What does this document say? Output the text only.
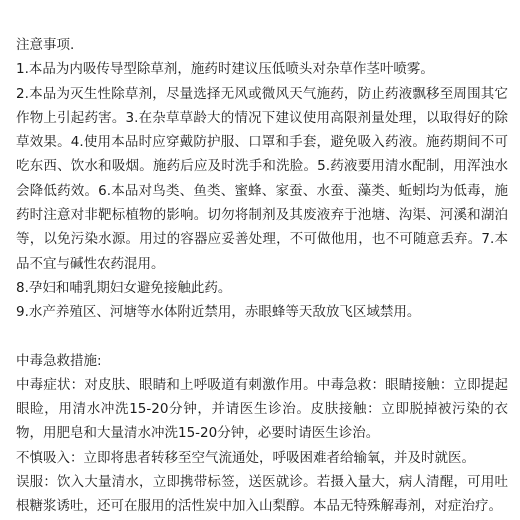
注意事项.

1.本品为内吸传导型除草剂，施药时建议压低喷头对杂草作茎叶喷雾。

2.本品为灭生性除草剂，尽量选择无风或微风天气施药，防止药液飘移至周围其它作物上引起药害。3.在杂草草龄大的情况下建议使用高限剂量处理，以取得好的除草效果。4.使用本品时应穿戴防护服、口罩和手套，避免吸入药液。施药期间不可吃东西、饮水和吸烟。施药后应及时洗手和洗脸。5.药液要用清水配制，用浑浊水会降低药效。6.本品对鸟类、鱼类、蜜蜂、家蚕、水蚕、藻类、蚯蚓均为低毒，施药时注意对非靶标植物的影响。切勿将制剂及其废液弃于池塘、沟渠、河溪和湖泊等，以免污染水源。用过的容器应妥善处理，不可做他用，也不可随意丢弃。7.本品不宜与碱性农药混用。

8.孕妇和哺乳期妇女避免接触此药。

9.水产养殖区、河塘等水体附近禁用，赤眼蜂等天敌放飞区域禁用。

中毒急救措施:

中毒症状：对皮肤、眼睛和上呼吸道有刺激作用。中毒急救：眼睛接触：立即提起眼睑，用清水冲洗15-20分钟，并请医生诊治。皮肤接触：立即脱掉被污染的衣物，用肥皂和大量清水冲洗15-20分钟，必要时请医生诊治。

不慎吸入：立即将患者转移至空气流通处，呼吸困难者给输氧，并及时就医。

误服：饮入大量清水，立即携带标签，送医就诊。若摄入量大，病人清醒，可用吐根糖浆诱吐，还可在服用的活性炭中加入山梨醇。本品无特殊解毒剂，对症治疗。
